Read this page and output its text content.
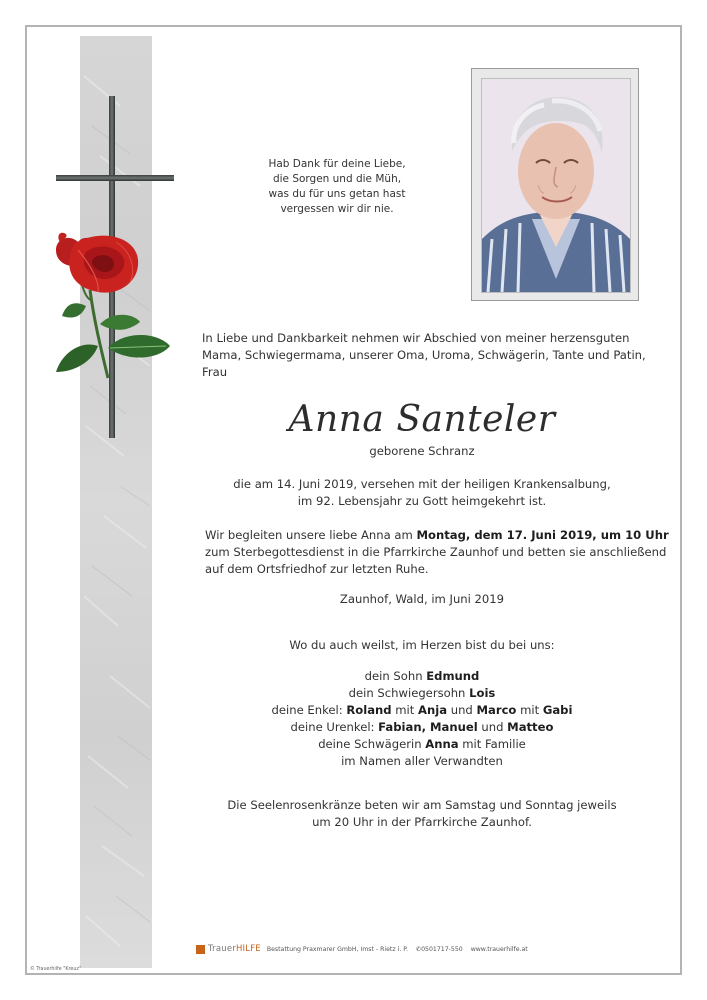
Hab Dank für deine Liebe,
die Sorgen und die Müh,
was du für uns getan hast
vergessen wir dir nie.
In Liebe und Dankbarkeit nehmen wir Abschied von meiner herzensguten
Mama, Schwiegermama, unserer Oma, Uroma, Schwägerin, Tante und Patin,
Frau
Anna Santeler
geborene Schranz
die am 14. Juni 2019, versehen mit der heiligen Krankensalbung,
im 92. Lebensjahr zu Gott heimgekehrt ist.
Wir begleiten unsere liebe Anna am Montag, dem 17. Juni 2019, um 10 Uhr
zum Sterbegottesdienst in die Pfarrkirche Zaunhof und betten sie anschließend
auf dem Ortsfriedhof zur letzten Ruhe.
Zaunhof, Wald, im Juni 2019
Wo du auch weilst, im Herzen bist du bei uns:
dein Sohn Edmund
dein Schwiegersohn Lois
deine Enkel: Roland mit Anja und Marco mit Gabi
deine Urenkel: Fabian, Manuel und Matteo
deine Schwägerin Anna mit Familie
im Namen aller Verwandten
Die Seelenrosenkränze beten wir am Samstag und Sonntag jeweils
um 20 Uhr in der Pfarrkirche Zaunhof.
TrauerHILFE Bestattung Praxmarer GmbH, Imst - Rietz i. P. ✆0501717-550 www.trauerhilfe.at
© Trauerhilfe "Kreuz"
